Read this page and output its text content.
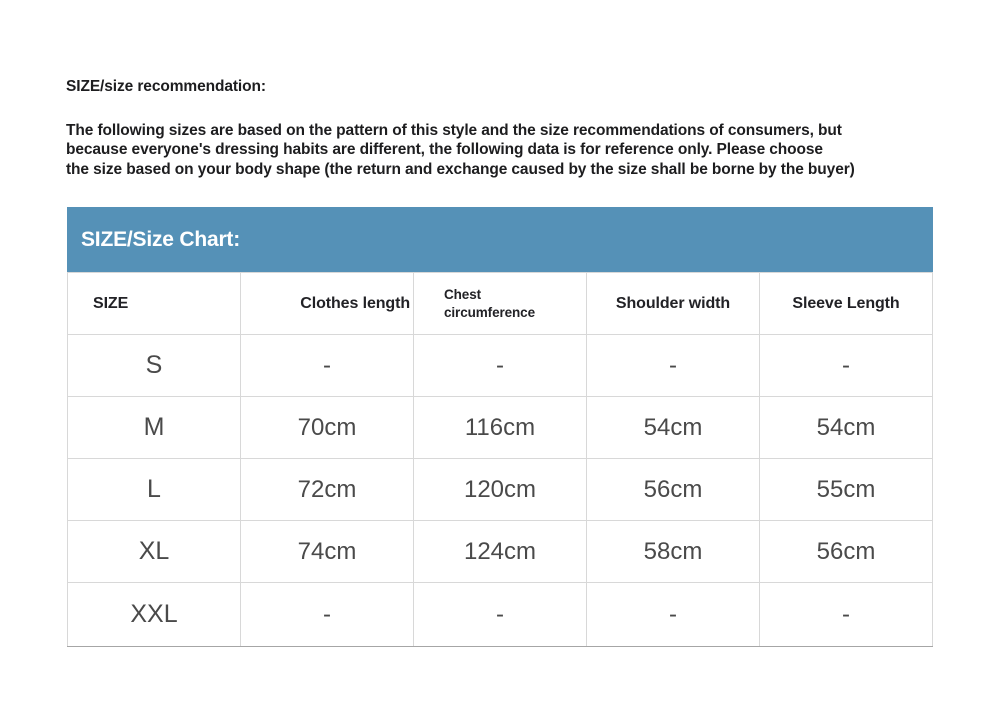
SIZE/size recommendation:
The following sizes are based on the pattern of this style and the size recommendations of consumers, but
because everyone's dressing habits are different, the following data is for reference only. Please choose
the size based on your body shape (the return and exchange caused by the size shall be borne by the buyer)
SIZE/Size Chart:
SIZE	Clothes length	Chest circumference	Shoulder width	Sleeve Length
S	-	-	-	-
M	70cm	116cm	54cm	54cm
L	72cm	120cm	56cm	55cm
XL	74cm	124cm	58cm	56cm
XXL	-	-	-	-
